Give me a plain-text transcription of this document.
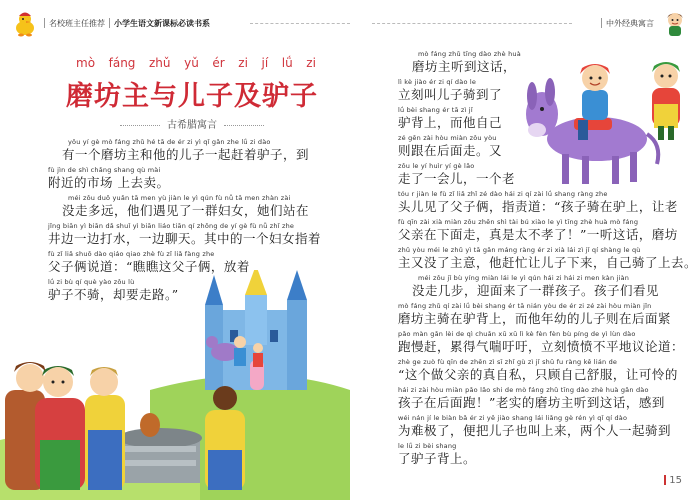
名校班主任推荐 小学生语文新课标必读书系	中外经典寓言
mò fáng zhǔ yǔ ér zi jí lǘ zi
磨坊主与儿子及驴子
古希腊寓言
yǒu yí gè mò fáng zhǔ hé tā de ér zi yì qǐ gǎn zhe lǘ zi dào
有一个磨坊主和他的儿子一起赶着驴子，到
fù jìn de shì chǎng shang qù mài
附近的市场 上去卖。
méi zǒu duō yuǎn tā men yù jiàn le yì qún fù nǚ tā men zhàn zài
没走多远，他们遇见了一群妇女，她们站在
jǐng biān yì biān dǎ shuǐ yì biān liáo tiān qí zhōng de yí gè fù nǚ zhǐ zhe
井边一边打水，一边聊天。其中的一个妇女指着
fù zǐ liǎ shuō dào qiáo qiao zhè fù zǐ liǎ fàng zhe
父子俩说道：“瞧瞧这父子俩，放着
lǘ zi bù qí què yào zǒu lù
驴子不骑，却要走路。”
mò fáng zhǔ tīng dào zhè huà
磨坊主听到这话，
lì kè jiào ér zi qí dào le
立刻叫儿子骑到了
lǘ bèi shang ér tā zì jǐ
驴背上，而他自己
zé gēn zài hòu miàn zǒu yòu
则跟在后面走。又
zǒu le yí huìr yí gè lǎo
走了一会儿，一个老
tóu r jiàn le fù zǐ liǎ zhǐ zé dào hái zi qí zài lǘ shang ràng zhe
头儿见了父子俩，指责道：“孩子骑在驴上，让老
fù qīn zài xià miàn zǒu zhēn shì tài bú xiào le yì tīng zhè huà mò fáng
父亲在下面走，真是太不孝了！”一听这话，磨坊
zhǔ yòu méi le zhǔ yì tā gǎn máng ràng ér zi xià lái zì jǐ qí shàng le qù
主又没了主意，他赶忙让儿子下来，自己骑了上去。
méi zǒu jǐ bù yíng miàn lái le yì qún hái zi hái zi men kàn jiàn
没走几步，迎面来了一群孩子。孩子们看见
mò fáng zhǔ qí zài lǘ bèi shang ér tā nián yòu de ér zi zé zài hòu miàn jǐn
磨坊主骑在驴背上，而他年幼的儿子则在后面紧
pǎo màn gǎn lèi de qì chuǎn xū xū lì kè fèn fèn bù píng de yì lùn dào
跑慢赶，累得气喘吁吁，立刻愤愤不平地议论道：
zhè ge zuò fù qīn de zhēn zì sī zhǐ gù zì jǐ shū fu ràng kě lián de
“这个做父亲的真自私，只顾自己舒服，让可怜的
hái zi zài hòu miàn pǎo lǎo shi de mò fáng zhǔ tīng dào zhè huà gǎn dào
孩子在后面跑！”老实的磨坊主听到这话，感到
wéi nán jí le biàn bǎ ér zi yě jiào shang lái liǎng gè rén yì qǐ qí dào
为难极了，便把儿子也叫上来，两个人一起骑到
le lǘ zi bèi shang
了驴子背上。
15
